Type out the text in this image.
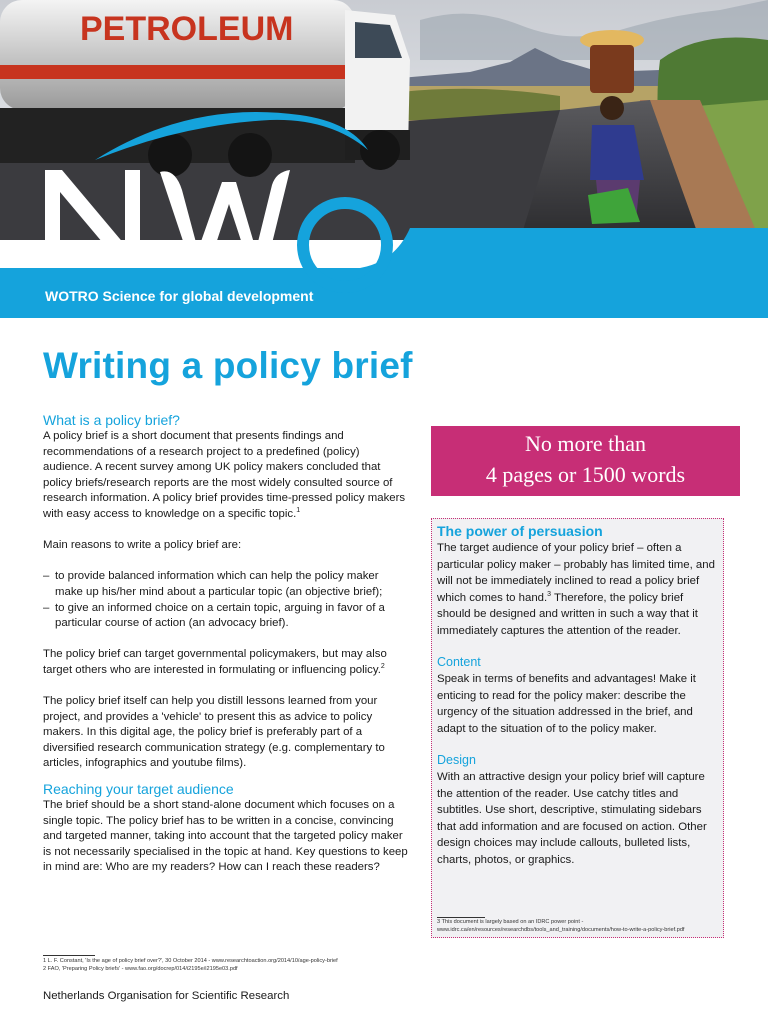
PETROLEUM
WOTRO Science for global development
Writing a policy brief
What is a policy brief?

A policy brief is a short document that presents findings and recommendations of a research project to a predefined (policy) audience. A recent survey among UK policy makers concluded that policy briefs/research reports are the most widely consulted source of research information. A policy brief provides time-pressed policy makers with easy access to knowledge on a specific topic.$^1$

Main reasons to write a policy brief are:

– to provide balanced information which can help the policy maker make up his/her mind about a particular topic (an objective brief);
– to give an informed choice on a certain topic, arguing in favor of a particular course of action (an advocacy brief).

The policy brief can target governmental policymakers, but may also target others who are interested in formulating or influencing policy.$^2$

The policy brief itself can help you distill lessons learned from your project, and provides a 'vehicle' to present this as advice to policy makers. In this digital age, the policy brief is preferably part of a diversified research communication strategy (e.g. complementary to articles, infographics and youtube films).

Reaching your target audience

The brief should be a short stand-alone document which focuses on a single topic. The policy brief has to be written in a concise, convincing and targeted manner, taking into account that the targeted policy maker is not necessarily specialised in the topic at hand. Key questions to keep in mind are: Who are my readers? How can I reach these readers?

1 L. F. Constant, 'Is the age of policy brief over?', 30 October 2014 - www.researchtoaction.org/2014/10/age-policy-brief
2 FAO, 'Preparing Policy briefs' - www.fao.org/docrep/014/i2195e/i2195e03.pdf
Netherlands Organisation for Scientific Research
No more than
4 pages or 1500 words
The power of persuasion

The target audience of your policy brief – often a particular policy maker – probably has limited time, and will not be immediately inclined to read a policy brief which comes to hand.$^3$ Therefore, the policy brief should be designed and written in such a way that it immediately captures the attention of the reader.

Content

Speak in terms of benefits and advantages! Make it enticing to read for the policy maker: describe the urgency of the situation addressed in the brief, and adapt to the situation of to the policy maker.

Design

With an attractive design your policy brief will capture the attention of the reader. Use catchy titles and subtitles. Use short, descriptive, stimulating sidebars that add information and are focused on action. Other design choices may include callouts, bulleted lists, charts, photos, or graphics.

3 This document is largely based on an IDRC power point - www.idrc.ca/en/resources/researchdbs/tools_and_training/documents/how-to-write-a-policy-brief.pdf
